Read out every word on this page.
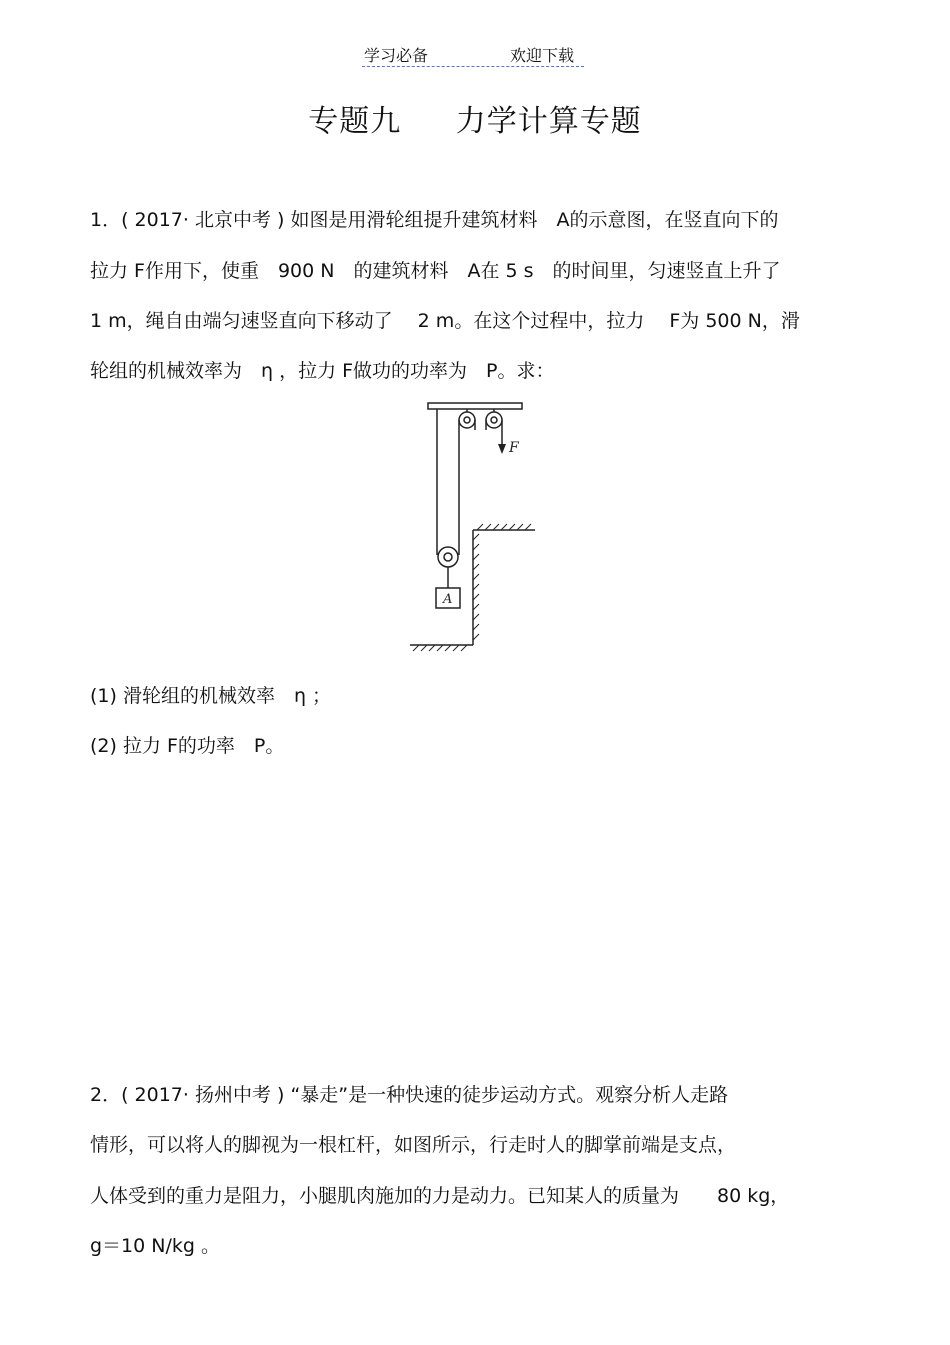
学习必备	欢迎下载
专题九 力学计算专题
1．( 2017· 北京中考 ) 如图是用滑轮组提升建筑材料　A的示意图，在竖直向下的
拉力 F作用下，使重　900 N　的建筑材料　A在 5 s　的时间里，匀速竖直上升了
1 m，绳自由端匀速竖直向下移动了　 2 m。在这个过程中，拉力　 F为 500 N，滑
轮组的机械效率为　η ，拉力 F做功的功率为　P。求：
F
A
(1) 滑轮组的机械效率　η ；
(2) 拉力 F的功率　P。
2．( 2017· 扬州中考 ) “暴走”是一种快速的徒步运动方式。观察分析人走路
情形，可以将人的脚视为一根杠杆，如图所示，行走时人的脚掌前端是支点，
人体受到的重力是阻力，小腿肌肉施加的力是动力。已知某人的质量为　　80 kg，
g＝10 N/kg 。
